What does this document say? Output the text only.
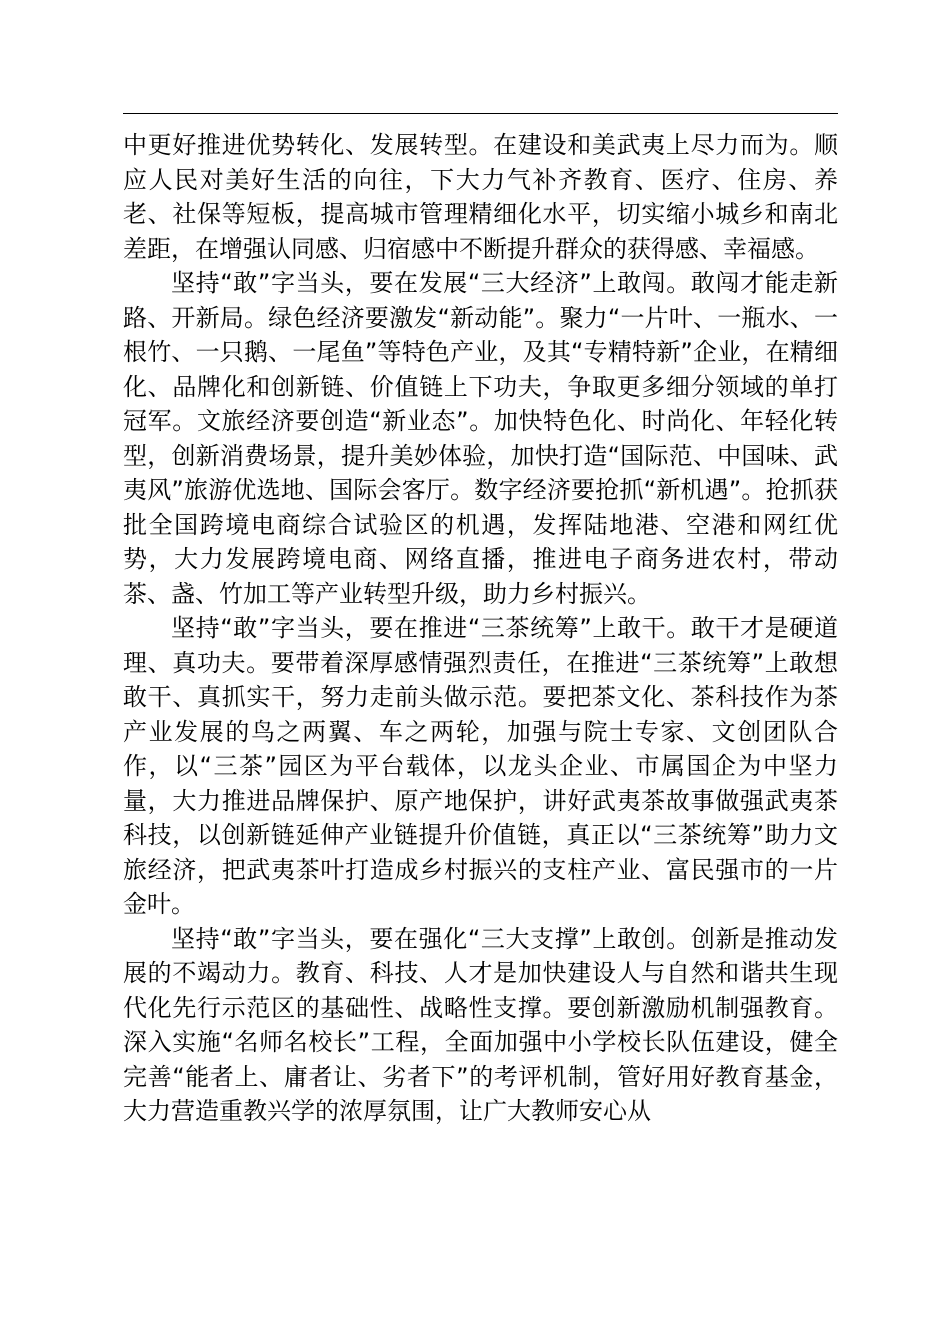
中更好推进优势转化、发展转型。在建设和美武夷上尽力而为。顺应人民对美好生活的向往，下大力气补齐教育、医疗、住房、养老、社保等短板，提高城市管理精细化水平，切实缩小城乡和南北差距，在增强认同感、归宿感中不断提升群众的获得感、幸福感。

坚持“敢”字当头，要在发展“三大经济”上敢闯。敢闯才能走新路、开新局。绿色经济要激发“新动能”。聚力“一片叶、一瓶水、一根竹、一只鹅、一尾鱼”等特色产业，及其“专精特新”企业，在精细化、品牌化和创新链、价值链上下功夫，争取更多细分领域的单打冠军。文旅经济要创造“新业态”。加快特色化、时尚化、年轻化转型，创新消费场景，提升美妙体验，加快打造“国际范、中国味、武夷风”旅游优选地、国际会客厅。数字经济要抢抓“新机遇”。抢抓获批全国跨境电商综合试验区的机遇，发挥陆地港、空港和网红优势，大力发展跨境电商、网络直播，推进电子商务进农村，带动茶、盏、竹加工等产业转型升级，助力乡村振兴。

坚持“敢”字当头，要在推进“三茶统筹”上敢干。敢干才是硬道理、真功夫。要带着深厚感情强烈责任，在推进“三茶统筹”上敢想敢干、真抓实干，努力走前头做示范。要把茶文化、茶科技作为茶产业发展的鸟之两翼、车之两轮，加强与院士专家、文创团队合作，以“三茶”园区为平台载体，以龙头企业、市属国企为中坚力量，大力推进品牌保护、原产地保护，讲好武夷茶故事做强武夷茶科技，以创新链延伸产业链提升价值链，真正以“三茶统筹”助力文旅经济，把武夷茶叶打造成乡村振兴的支柱产业、富民强市的一片金叶。

坚持“敢”字当头，要在强化“三大支撑”上敢创。创新是推动发展的不竭动力。教育、科技、人才是加快建设人与自然和谐共生现代化先行示范区的基础性、战略性支撑。要创新激励机制强教育。深入实施“名师名校长”工程，全面加强中小学校长队伍建设，健全完善“能者上、庸者让、劣者下”的考评机制，管好用好教育基金，大力营造重教兴学的浓厚氛围，让广大教师安心从
